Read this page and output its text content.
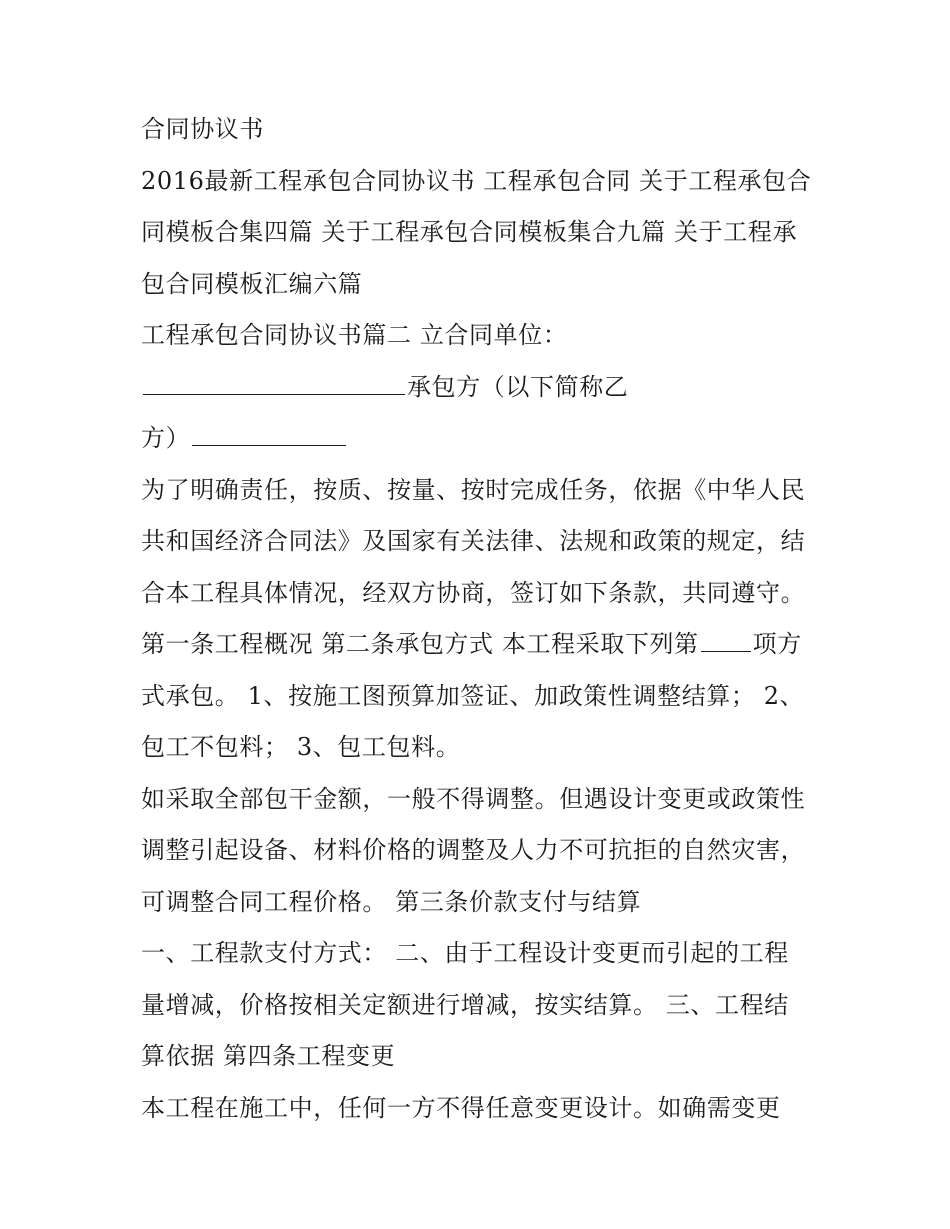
合同协议书
2016最新工程承包合同协议书 工程承包合同 关于工程承包合
同模板合集四篇 关于工程承包合同模板集合九篇 关于工程承
包合同模板汇编六篇
工程承包合同协议书篇二 立合同单位：
承包方（以下简称乙
方）
为了明确责任，按质、按量、按时完成任务，依据《中华人民
共和国经济合同法》及国家有关法律、法规和政策的规定，结
合本工程具体情况，经双方协商，签订如下条款，共同遵守。
第一条工程概况 第二条承包方式 本工程采取下列第 项方
式承包。 1、按施工图预算加签证、加政策性调整结算； 2、
包工不包料； 3、包工包料。
如采取全部包干金额，一般不得调整。但遇设计变更或政策性
调整引起设备、材料价格的调整及人力不可抗拒的自然灾害，
可调整合同工程价格。 第三条价款支付与结算
一、工程款支付方式： 二、由于工程设计变更而引起的工程
量增减，价格按相关定额进行增减，按实结算。 三、工程结
算依据 第四条工程变更
本工程在施工中，任何一方不得任意变更设计。如确需变更
